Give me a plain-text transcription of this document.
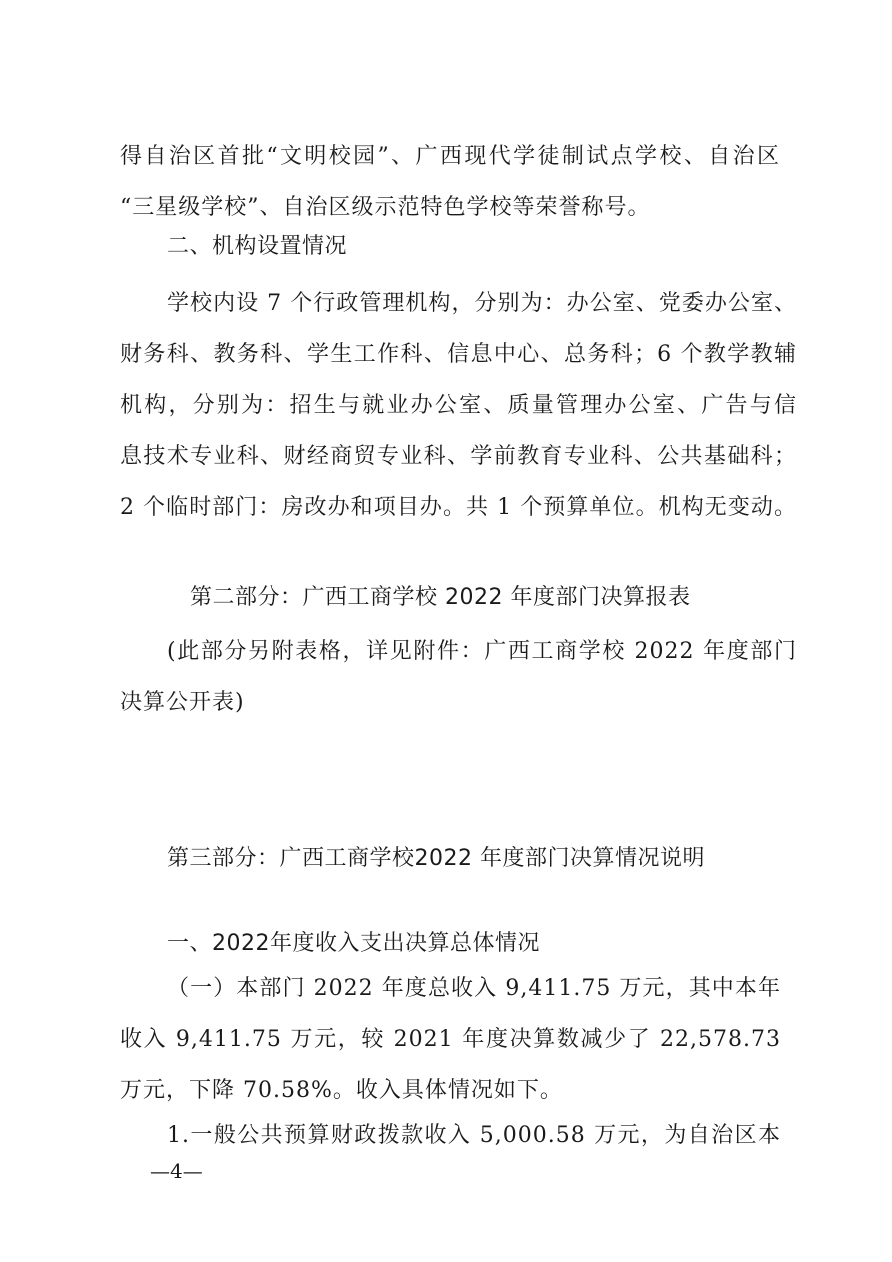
得自治区首批“文明校园”、广西现代学徒制试点学校、自治区
“三星级学校”、自治区级示范特色学校等荣誉称号。
二、机构设置情况
学校内设 7 个行政管理机构，分别为：办公室、党委办公室、
财务科、教务科、学生工作科、信息中心、总务科；6 个教学教辅
机构，分别为：招生与就业办公室、质量管理办公室、广告与信
息技术专业科、财经商贸专业科、学前教育专业科、公共基础科；
2 个临时部门：房改办和项目办。共 1 个预算单位。机构无变动。
第二部分：广西工商学校 2022 年度部门决算报表
(此部分另附表格，详见附件：广西工商学校 2022 年度部门
决算公开表)
第三部分：广西工商学校2022 年度部门决算情况说明
一、2022年度收入支出决算总体情况
（一）本部门 2022 年度总收入 9,411.75 万元，其中本年
收入 9,411.75 万元，较 2021 年度决算数减少了 22,578.73
万元，下降 70.58%。收入具体情况如下。
1.一般公共预算财政拨款收入 5,000.58 万元，为自治区本
—4—
